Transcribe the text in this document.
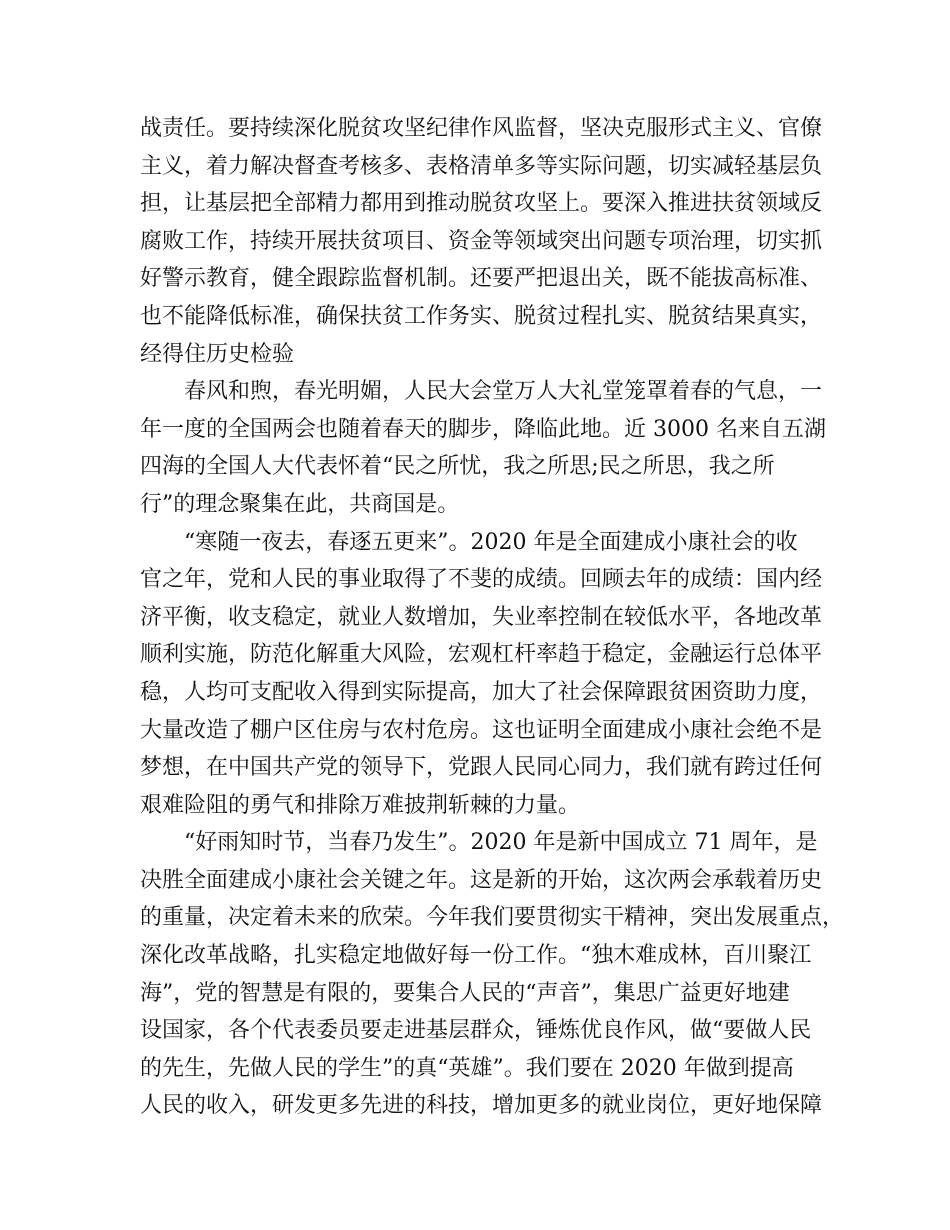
战责任。要持续深化脱贫攻坚纪律作风监督，坚决克服形式主义、官僚
主义，着力解决督查考核多、表格清单多等实际问题，切实减轻基层负
担，让基层把全部精力都用到推动脱贫攻坚上。要深入推进扶贫领域反
腐败工作，持续开展扶贫项目、资金等领域突出问题专项治理，切实抓
好警示教育，健全跟踪监督机制。还要严把退出关，既不能拔高标准、
也不能降低标准，确保扶贫工作务实、脱贫过程扎实、脱贫结果真实，
经得住历史检验
春风和煦，春光明媚，人民大会堂万人大礼堂笼罩着春的气息，一
年一度的全国两会也随着春天的脚步，降临此地。近 3000 名来自五湖
四海的全国人大代表怀着“民之所忧，我之所思;民之所思，我之所
行”的理念聚集在此，共商国是。
“寒随一夜去，春逐五更来”。2020 年是全面建成小康社会的收
官之年，党和人民的事业取得了不斐的成绩。回顾去年的成绩：国内经
济平衡，收支稳定，就业人数增加，失业率控制在较低水平，各地改革
顺利实施，防范化解重大风险，宏观杠杆率趋于稳定，金融运行总体平
稳，人均可支配收入得到实际提高，加大了社会保障跟贫困资助力度，
大量改造了棚户区住房与农村危房。这也证明全面建成小康社会绝不是
梦想，在中国共产党的领导下，党跟人民同心同力，我们就有跨过任何
艰难险阻的勇气和排除万难披荆斩棘的力量。
“好雨知时节，当春乃发生”。2020 年是新中国成立 71 周年，是
决胜全面建成小康社会关键之年。这是新的开始，这次两会承载着历史
的重量，决定着未来的欣荣。今年我们要贯彻实干精神，突出发展重点，
深化改革战略，扎实稳定地做好每一份工作。“独木难成林，百川聚江
海”，党的智慧是有限的，要集合人民的“声音”，集思广益更好地建
设国家，各个代表委员要走进基层群众，锤炼优良作风，做“要做人民
的先生，先做人民的学生”的真“英雄”。我们要在 2020 年做到提高
人民的收入，研发更多先进的科技，增加更多的就业岗位，更好地保障
